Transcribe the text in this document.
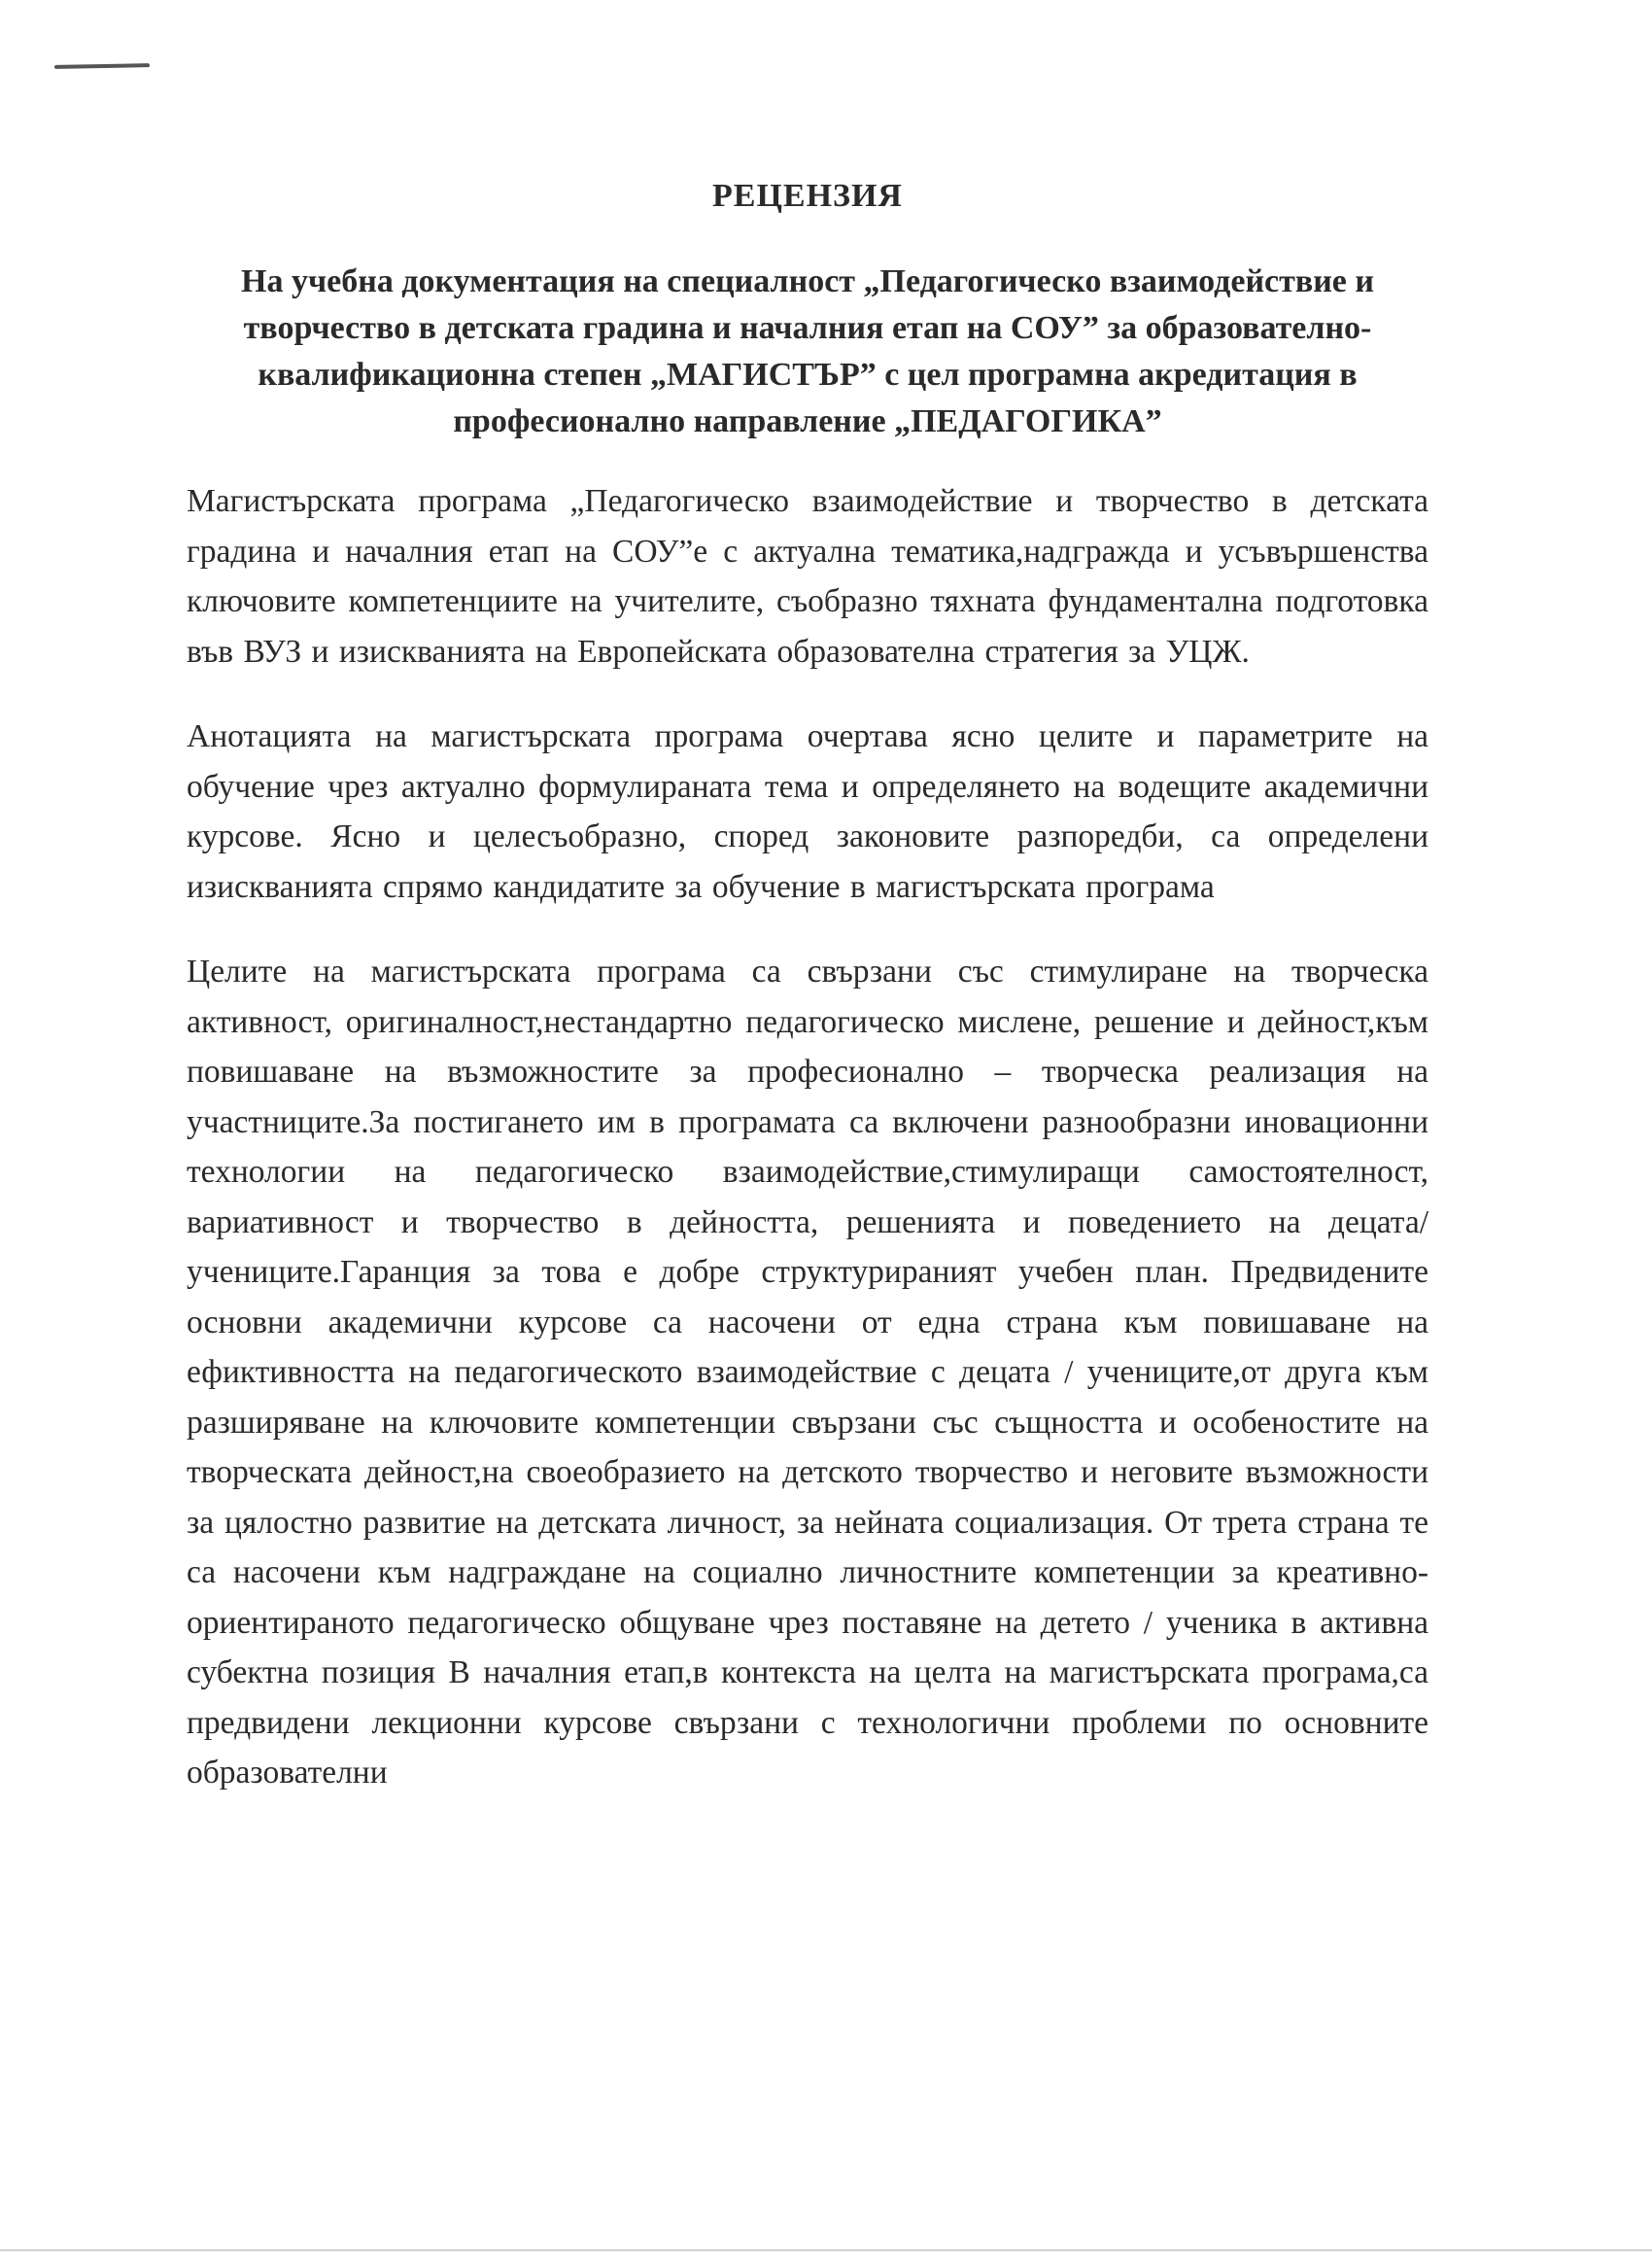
РЕЦЕНЗИЯ
На учебна документация на специалност „Педагогическо взаимодействие и творчество в детската градина и началния етап на СОУ” за образователно-квалификационна степен „МАГИСТЪР” с цел програмна акредитация в професионално направление „ПЕДАГОГИКА”

Магистърската програма „Педагогическо взаимодействие и творчество в детската градина и началния етап на СОУ”е с актуална тематика,надгражда и усъвършенства ключовите компетенциите на учителите, съобразно тяхната фундаментална подготовка във ВУЗ и изискванията на Европейската образователна стратегия за УЦЖ.

Анотацията на магистърската програма очертава ясно целите и параметрите на обучение чрез актуално формулираната тема и определянето на водещите академични курсове. Ясно и целесъобразно, според законовите разпоредби, са определени изискванията спрямо кандидатите за обучение в магистърската програма

Целите на магистърската програма са свързани със стимулиране на творческа активност, оригиналност,нестандартно педагогическо мислене, решение и дейност,към повишаване на възможностите за професионално – творческа реализация на участниците.За постигането им в програмата са включени разнообразни иновационни технологии на педагогическо взаимодействие,стимулиращи самостоятелност, вариативност и творчество в дейността, решенията и поведението на децата/ учениците.Гаранция за това е добре структурираният учебен план. Предвидените основни академични курсове са насочени от една страна към повишаване на ефиктивността на педагогическото взаимодействие с децата / учениците,от друга към разширяване на ключовите компетенции свързани със същността и особеностите на творческата дейност,на своеобразието на детското творчество и неговите възможности за цялостно развитие на детската личност, за нейната социализация. От трета страна те са насочени към надграждане на социално личностните компетенции за креативно-ориентираното педагогическо общуване чрез поставяне на детето / ученика в активна субектна позиция В началния етап,в контекста на целта на магистърската програма,са предвидени лекционни курсове свързани с технологични проблеми по основните образователни
